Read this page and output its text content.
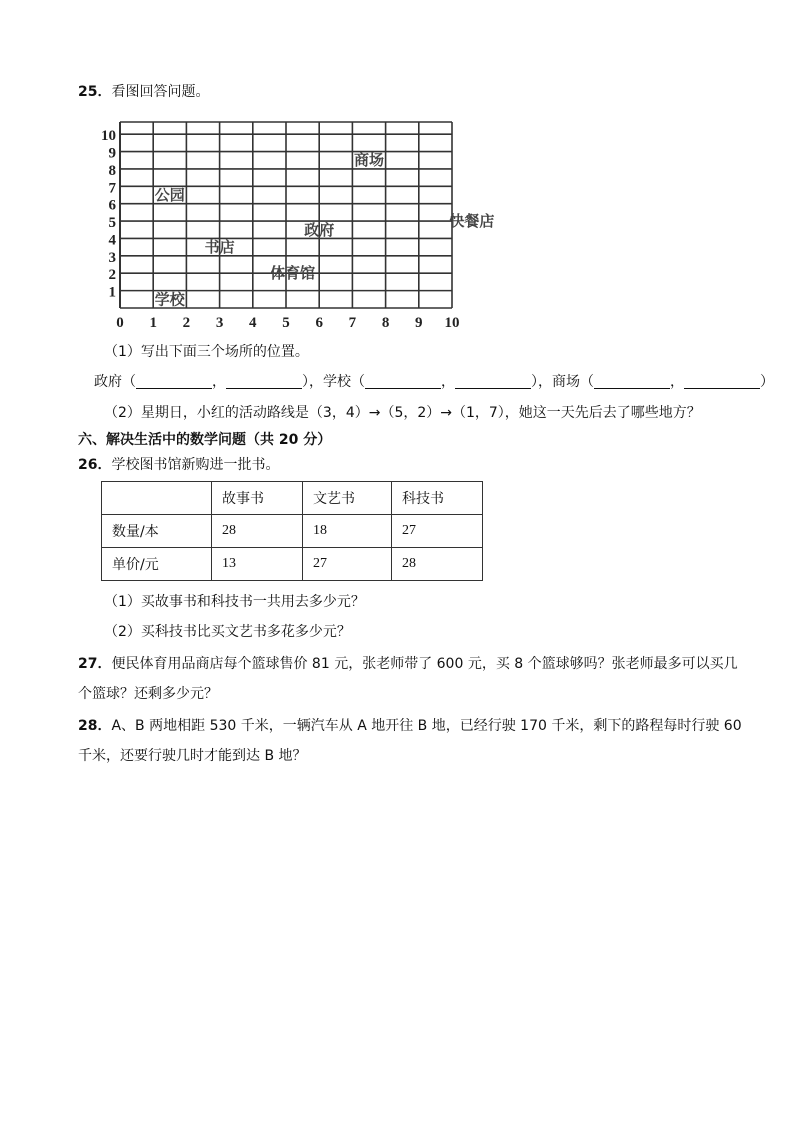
25．看图回答问题。
0 1 2 3 4 5 6 7 8 9 10
1
2
3
4
5
6
7
8
9
10
商场
公园
快餐店
政府
书店
体育馆
学校
（1）写出下面三个场所的位置。
政府（	，	），学校（	，	），商场（	，	）
（2）星期日，小红的活动路线是（3，4）→（5，2）→（1，7），她这一天先后去了哪些地方？
六、解决生活中的数学问题（共 20 分）
26．学校图书馆新购进一批书。
	故事书	文艺书	科技书
数量/本	28	18	27
单价/元	13	27	28
（1）买故事书和科技书一共用去多少元？
（2）买科技书比买文艺书多花多少元？
27．便民体育用品商店每个篮球售价 81 元，张老师带了 600 元，买 8 个篮球够吗？张老师最多可以买几
个篮球？还剩多少元？
28．A、B 两地相距 530 千米，一辆汽车从 A 地开往 B 地，已经行驶 170 千米，剩下的路程每时行驶 60
千米，还要行驶几时才能到达 B 地？
